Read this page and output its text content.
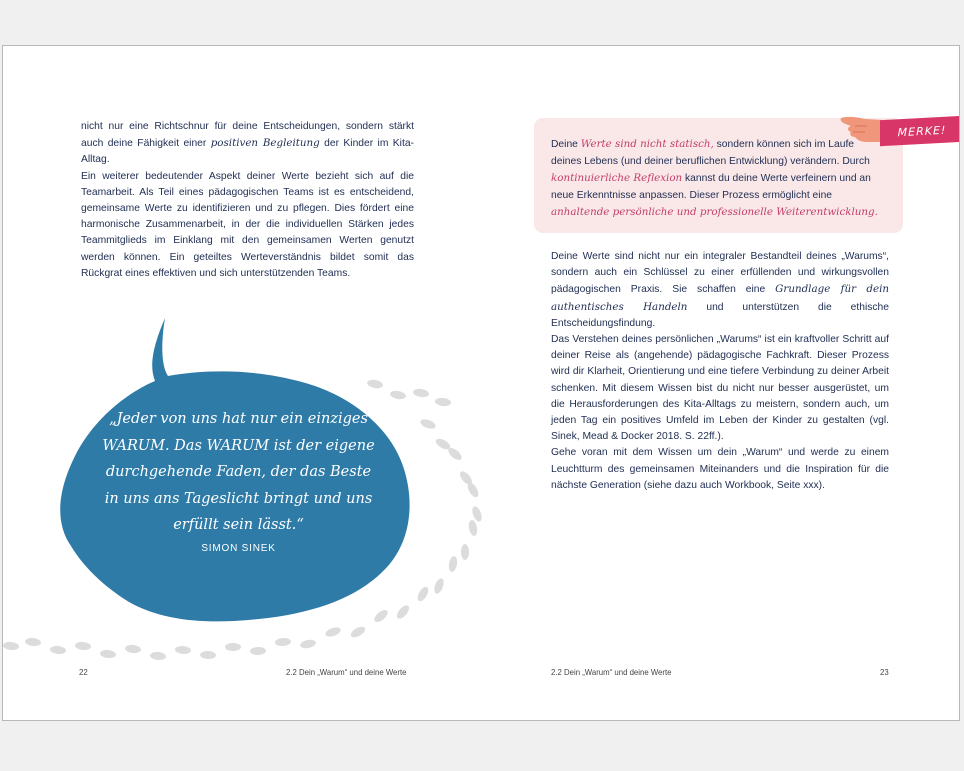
nicht nur eine Richtschnur für deine Entscheidungen, sondern stärkt auch deine Fähigkeit einer positiven Begleitung der Kinder im Kita-Alltag.

Ein weiterer bedeutender Aspekt deiner Werte bezieht sich auf die Teamarbeit. Als Teil eines pädagogischen Teams ist es entscheidend, gemeinsame Werte zu identifizieren und zu pflegen. Dies fördert eine harmonische Zusammenarbeit, in der die individuellen Stärken jedes Teammitglieds im Einklang mit den gemeinsamen Werten genutzt werden können. Ein geteiltes Werteverständnis bildet somit das Rückgrat eines effektiven und sich unterstützenden Teams.

„Jeder von uns hat nur ein einziges WARUM. Das WARUM ist der eigene durchgehende Faden, der das Beste in uns ans Tageslicht bringt und uns erfüllt sein lässt.“

SIMON SINEK
22	2.2 Dein „Warum“ und deine Werte
MERKE!

Deine Werte sind nicht statisch, sondern können sich im Laufe deines Lebens (und deiner beruflichen Entwicklung) verändern. Durch kontinuierliche Reflexion kannst du deine Werte verfeinern und an neue Erkenntnisse anpassen. Dieser Prozess ermöglicht eine anhaltende persönliche und professionelle Weiterentwicklung.

Deine Werte sind nicht nur ein integraler Bestandteil deines „Warums“, sondern auch ein Schlüssel zu einer erfüllenden und wirkungsvollen pädagogischen Praxis. Sie schaffen eine Grundlage für dein authentisches Handeln und unterstützen die ethische Entscheidungsfindung.

Das Verstehen deines persönlichen „Warums“ ist ein kraftvoller Schritt auf deiner Reise als (angehende) pädagogische Fachkraft. Dieser Prozess wird dir Klarheit, Orientierung und eine tiefere Verbindung zu deiner Arbeit schenken. Mit diesem Wissen bist du nicht nur besser ausgerüstet, um die Herausforderungen des Kita-Alltags zu meistern, sondern auch, um jeden Tag ein positives Umfeld im Leben der Kinder zu gestalten (vgl. Sinek, Mead & Docker 2018. S. 22ff.).

Gehe voran mit dem Wissen um dein „Warum“ und werde zu einem Leuchtturm des gemeinsamen Miteinanders und die Inspiration für die nächste Generation (siehe dazu auch Workbook, Seite xxx).

2.2 Dein „Warum“ und deine Werte	23
